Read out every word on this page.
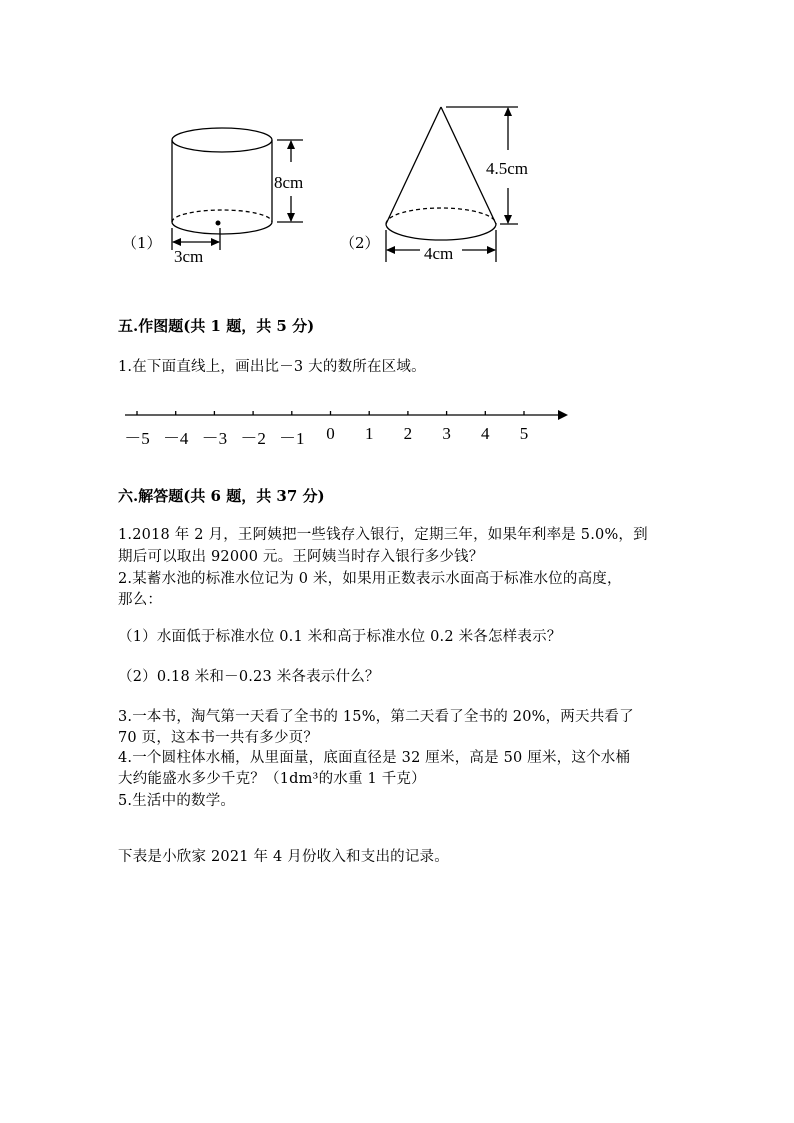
（1）
8cm
3cm
（2）
4.5cm
4cm
五.作图题(共 1 题，共 5 分)
1.在下面直线上，画出比－3 大的数所在区域。
－5 －4 －3 －2 －1	0	1	2	3	4	5
六.解答题(共 6 题，共 37 分)
1.2018 年 2 月，王阿姨把一些钱存入银行，定期三年，如果年利率是 5.0%，到
期后可以取出 92000 元。王阿姨当时存入银行多少钱？
2.某蓄水池的标准水位记为 0 米，如果用正数表示水面高于标准水位的高度，
那么：
（1）水面低于标准水位 0.1 米和高于标准水位 0.2 米各怎样表示？
（2）0.18 米和－0.23 米各表示什么？
3.一本书，淘气第一天看了全书的 15%，第二天看了全书的 20%，两天共看了
70 页，这本书一共有多少页？
4.一个圆柱体水桶，从里面量，底面直径是 32 厘米，高是 50 厘米，这个水桶
大约能盛水多少千克？（1dm³的水重 1 千克）
5.生活中的数学。
下表是小欣家 2021 年 4 月份收入和支出的记录。
